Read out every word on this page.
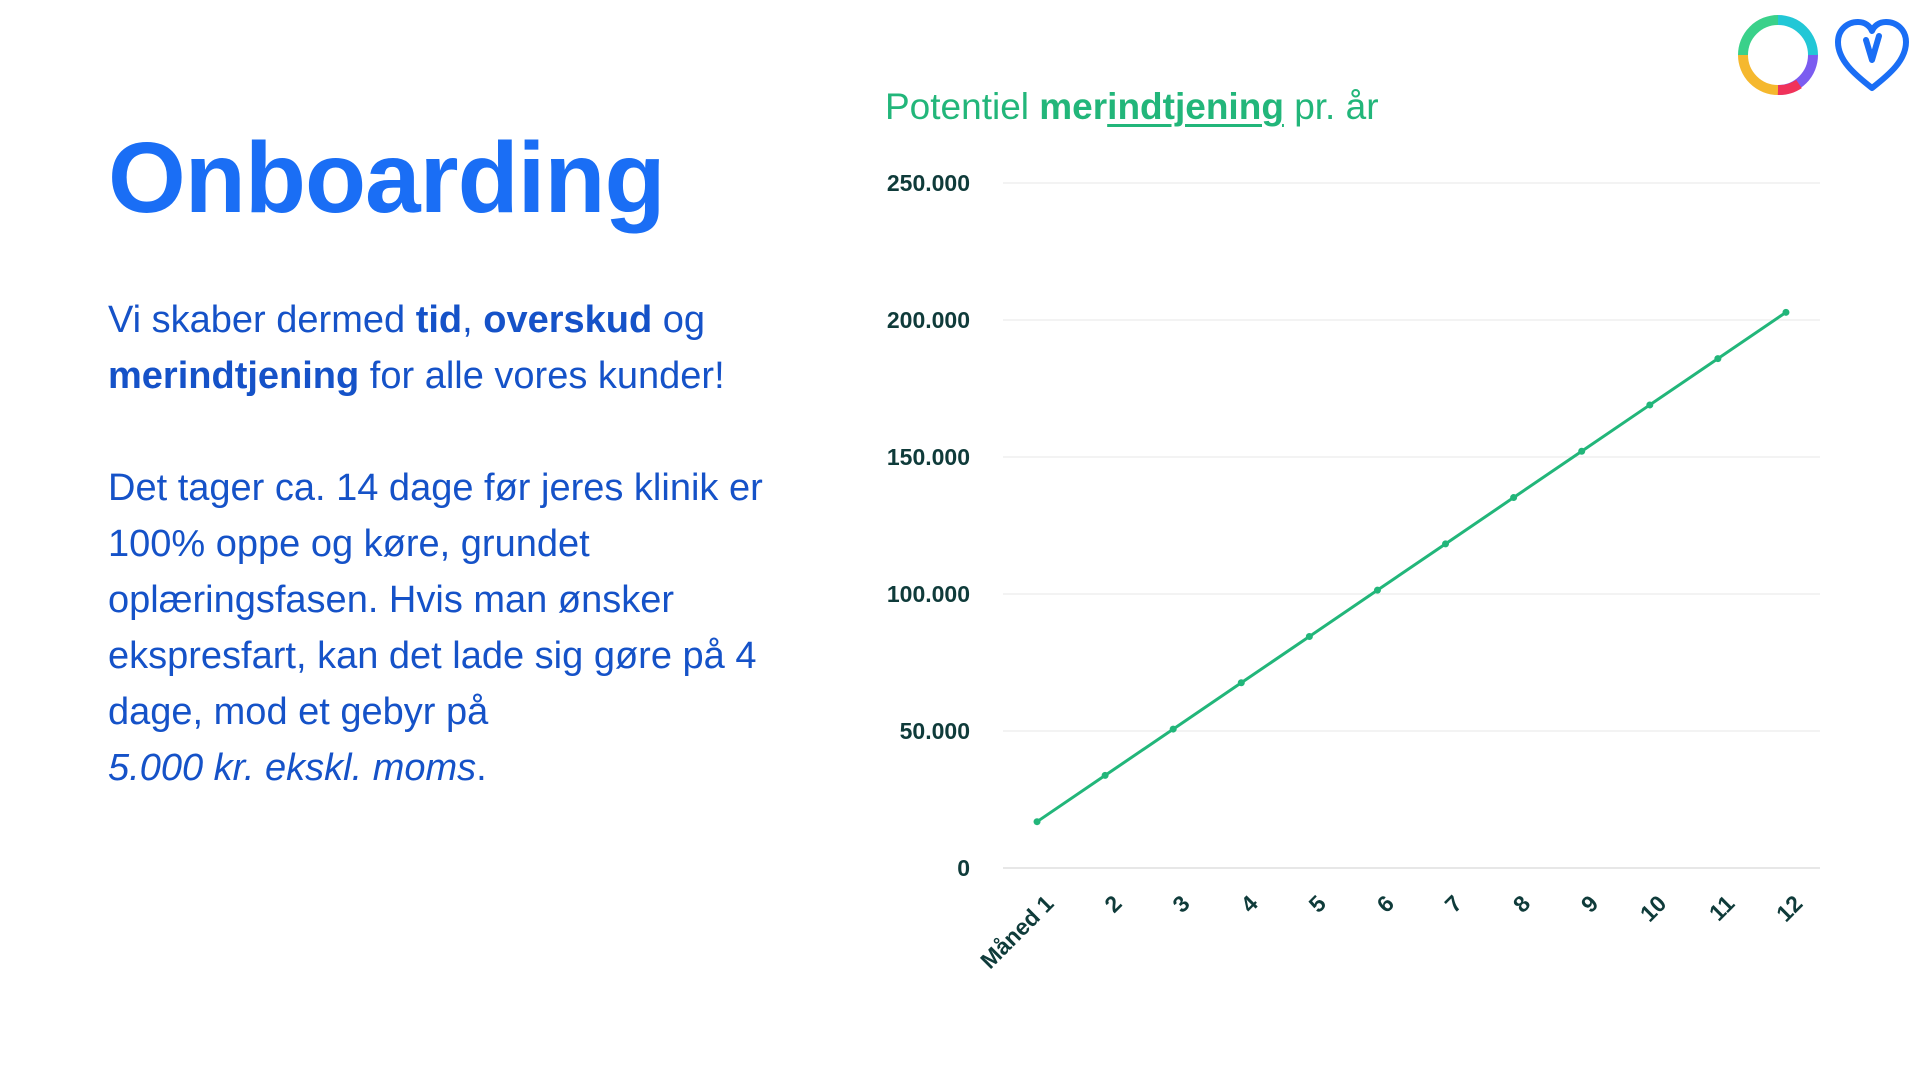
Onboarding

Vi skaber dermed tid, overskud og merindtjening for alle vores kunder!

Det tager ca. 14 dage før jeres klinik er 100% oppe og køre, grundet oplæringsfasen. Hvis man ønsker ekspresfart, kan det lade sig gøre på 4 dage, mod et gebyr på
5.000 kr. ekskl. moms.

Potentiel merindtjening pr. år
0
50.000
100.000
150.000
200.000
250.000
Måned 1 2 3 4 5 6 7 8 9 10 11 12
